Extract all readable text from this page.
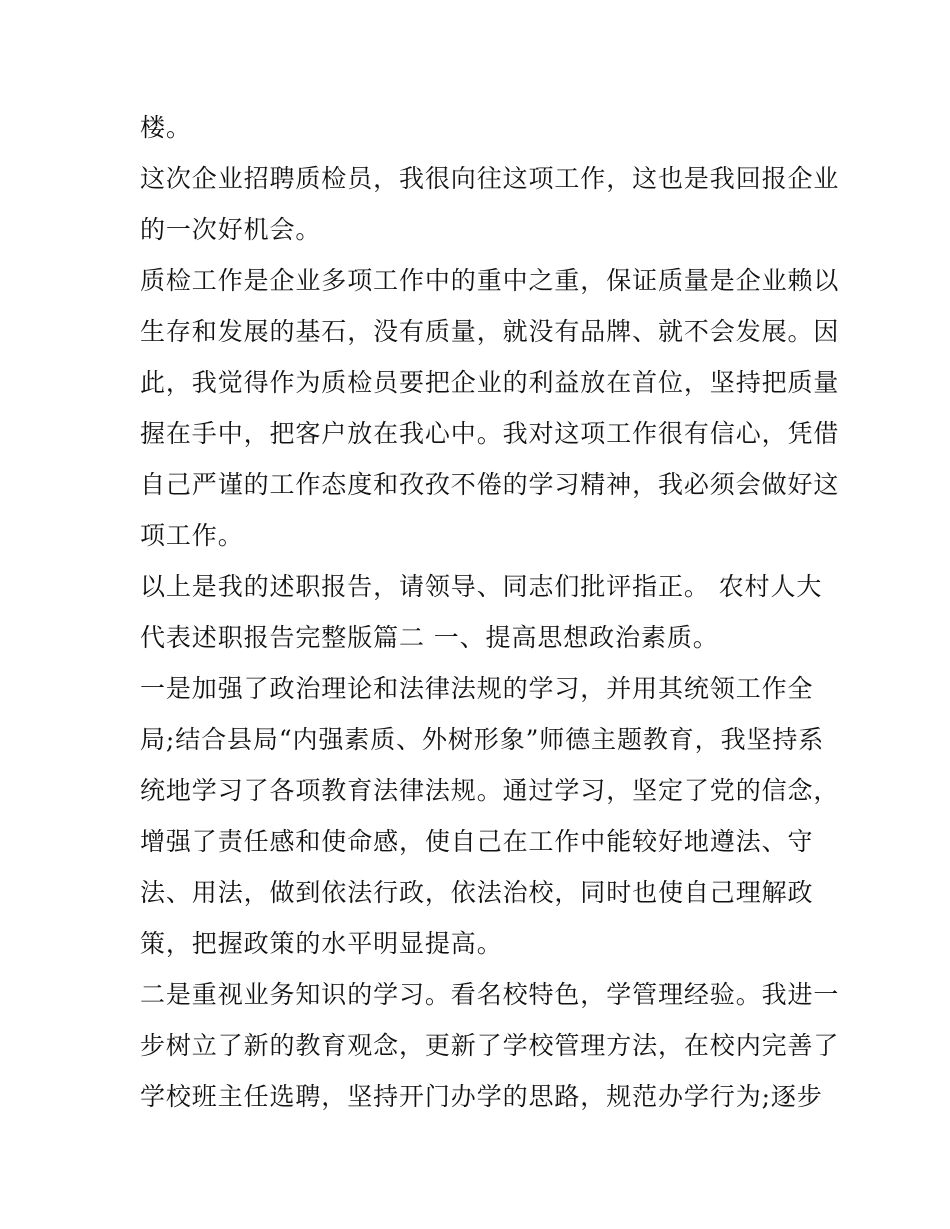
楼。
这次企业招聘质检员，我很向往这项工作，这也是我回报企业
的一次好机会。
质检工作是企业多项工作中的重中之重，保证质量是企业赖以
生存和发展的基石，没有质量，就没有品牌、就不会发展。因
此，我觉得作为质检员要把企业的利益放在首位，坚持把质量
握在手中，把客户放在我心中。我对这项工作很有信心，凭借
自己严谨的工作态度和孜孜不倦的学习精神，我必须会做好这
项工作。
以上是我的述职报告，请领导、同志们批评指正。 农村人大
代表述职报告完整版篇二 一、提高思想政治素质。
一是加强了政治理论和法律法规的学习，并用其统领工作全
局;结合县局“内强素质、外树形象”师德主题教育，我坚持系
统地学习了各项教育法律法规。通过学习，坚定了党的信念，
增强了责任感和使命感，使自己在工作中能较好地遵法、守
法、用法，做到依法行政，依法治校，同时也使自己理解政
策，把握政策的水平明显提高。
二是重视业务知识的学习。看名校特色，学管理经验。我进一
步树立了新的教育观念，更新了学校管理方法，在校内完善了
学校班主任选聘，坚持开门办学的思路，规范办学行为;逐步
